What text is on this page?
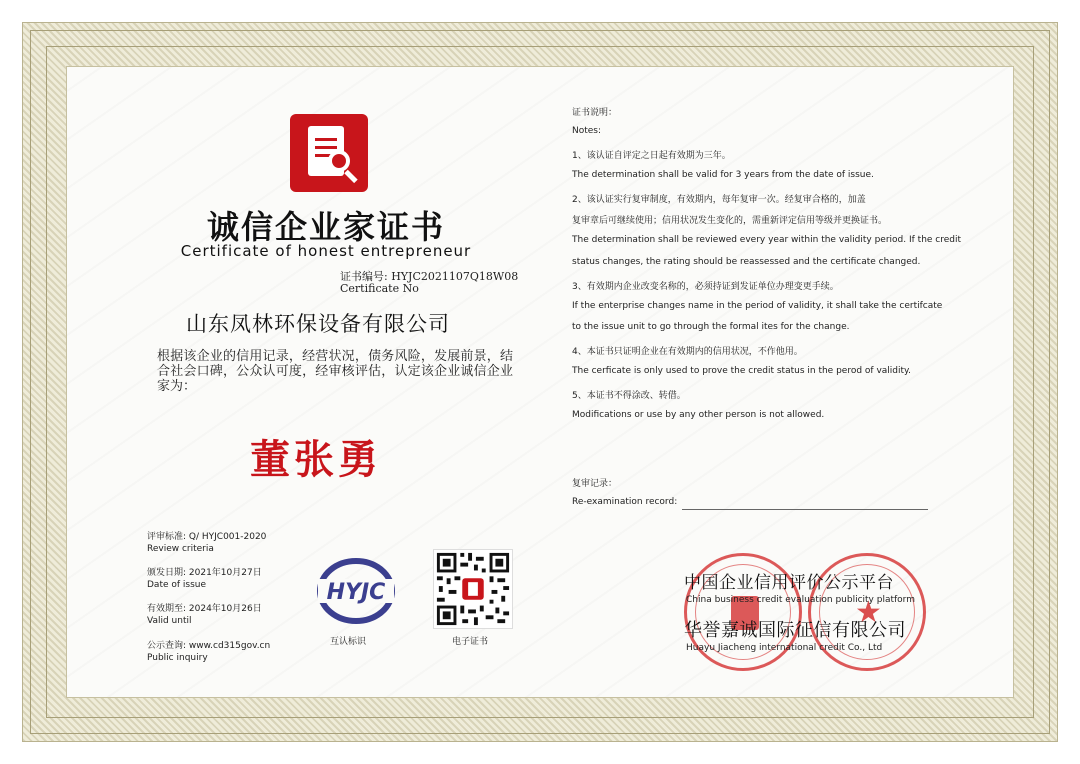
诚信企业家证书
Certificate of honest entrepreneur
证书编号: HYJC2021107Q18W08
Certificate No
山东凤林环保设备有限公司
根据该企业的信用记录，经营状况，债务风险，发展前景，结合社会口碑，公众认可度，经审核评估，认定该企业诚信企业家为：
董张勇
评审标准: Q/ HYJC001-2020
Review criteria
颁发日期: 2021年10月27日
Date of issue
有效期至: 2024年10月26日
Valid until
公示查询: www.cd315gov.cn
Public inquiry
HYJC
互认标识	电子证书
证书说明：
Notes:
1、该认证自评定之日起有效期为三年。
The determination shall be valid for 3 years from the date of issue.
2、该认证实行复审制度，有效期内，每年复审一次。经复审合格的，加盖
复审章后可继续使用；信用状况发生变化的，需重新评定信用等级并更换证书。
The determination shall be reviewed every year within the validity period. If the credit
status changes, the rating should be reassessed and the certificate changed.
3、有效期内企业改变名称的，必须持证到发证单位办理变更手续。
If the enterprise changes name in the period of validity, it shall take the certifcate
to the issue unit to go through the formal ites for the change.
4、本证书只证明企业在有效期内的信用状况，不作他用。
The cerficate is only used to prove the credit status in the perod of validity.
5、本证书不得涂改、转借。
Modifications or use by any other person is not allowed.
复审记录：
Re-examination record:
★
中国企业信用评价公示平台
China business credit evaluation publicity platform
华誉嘉诚国际征信有限公司
Huayu Jiacheng international credit Co., Ltd
